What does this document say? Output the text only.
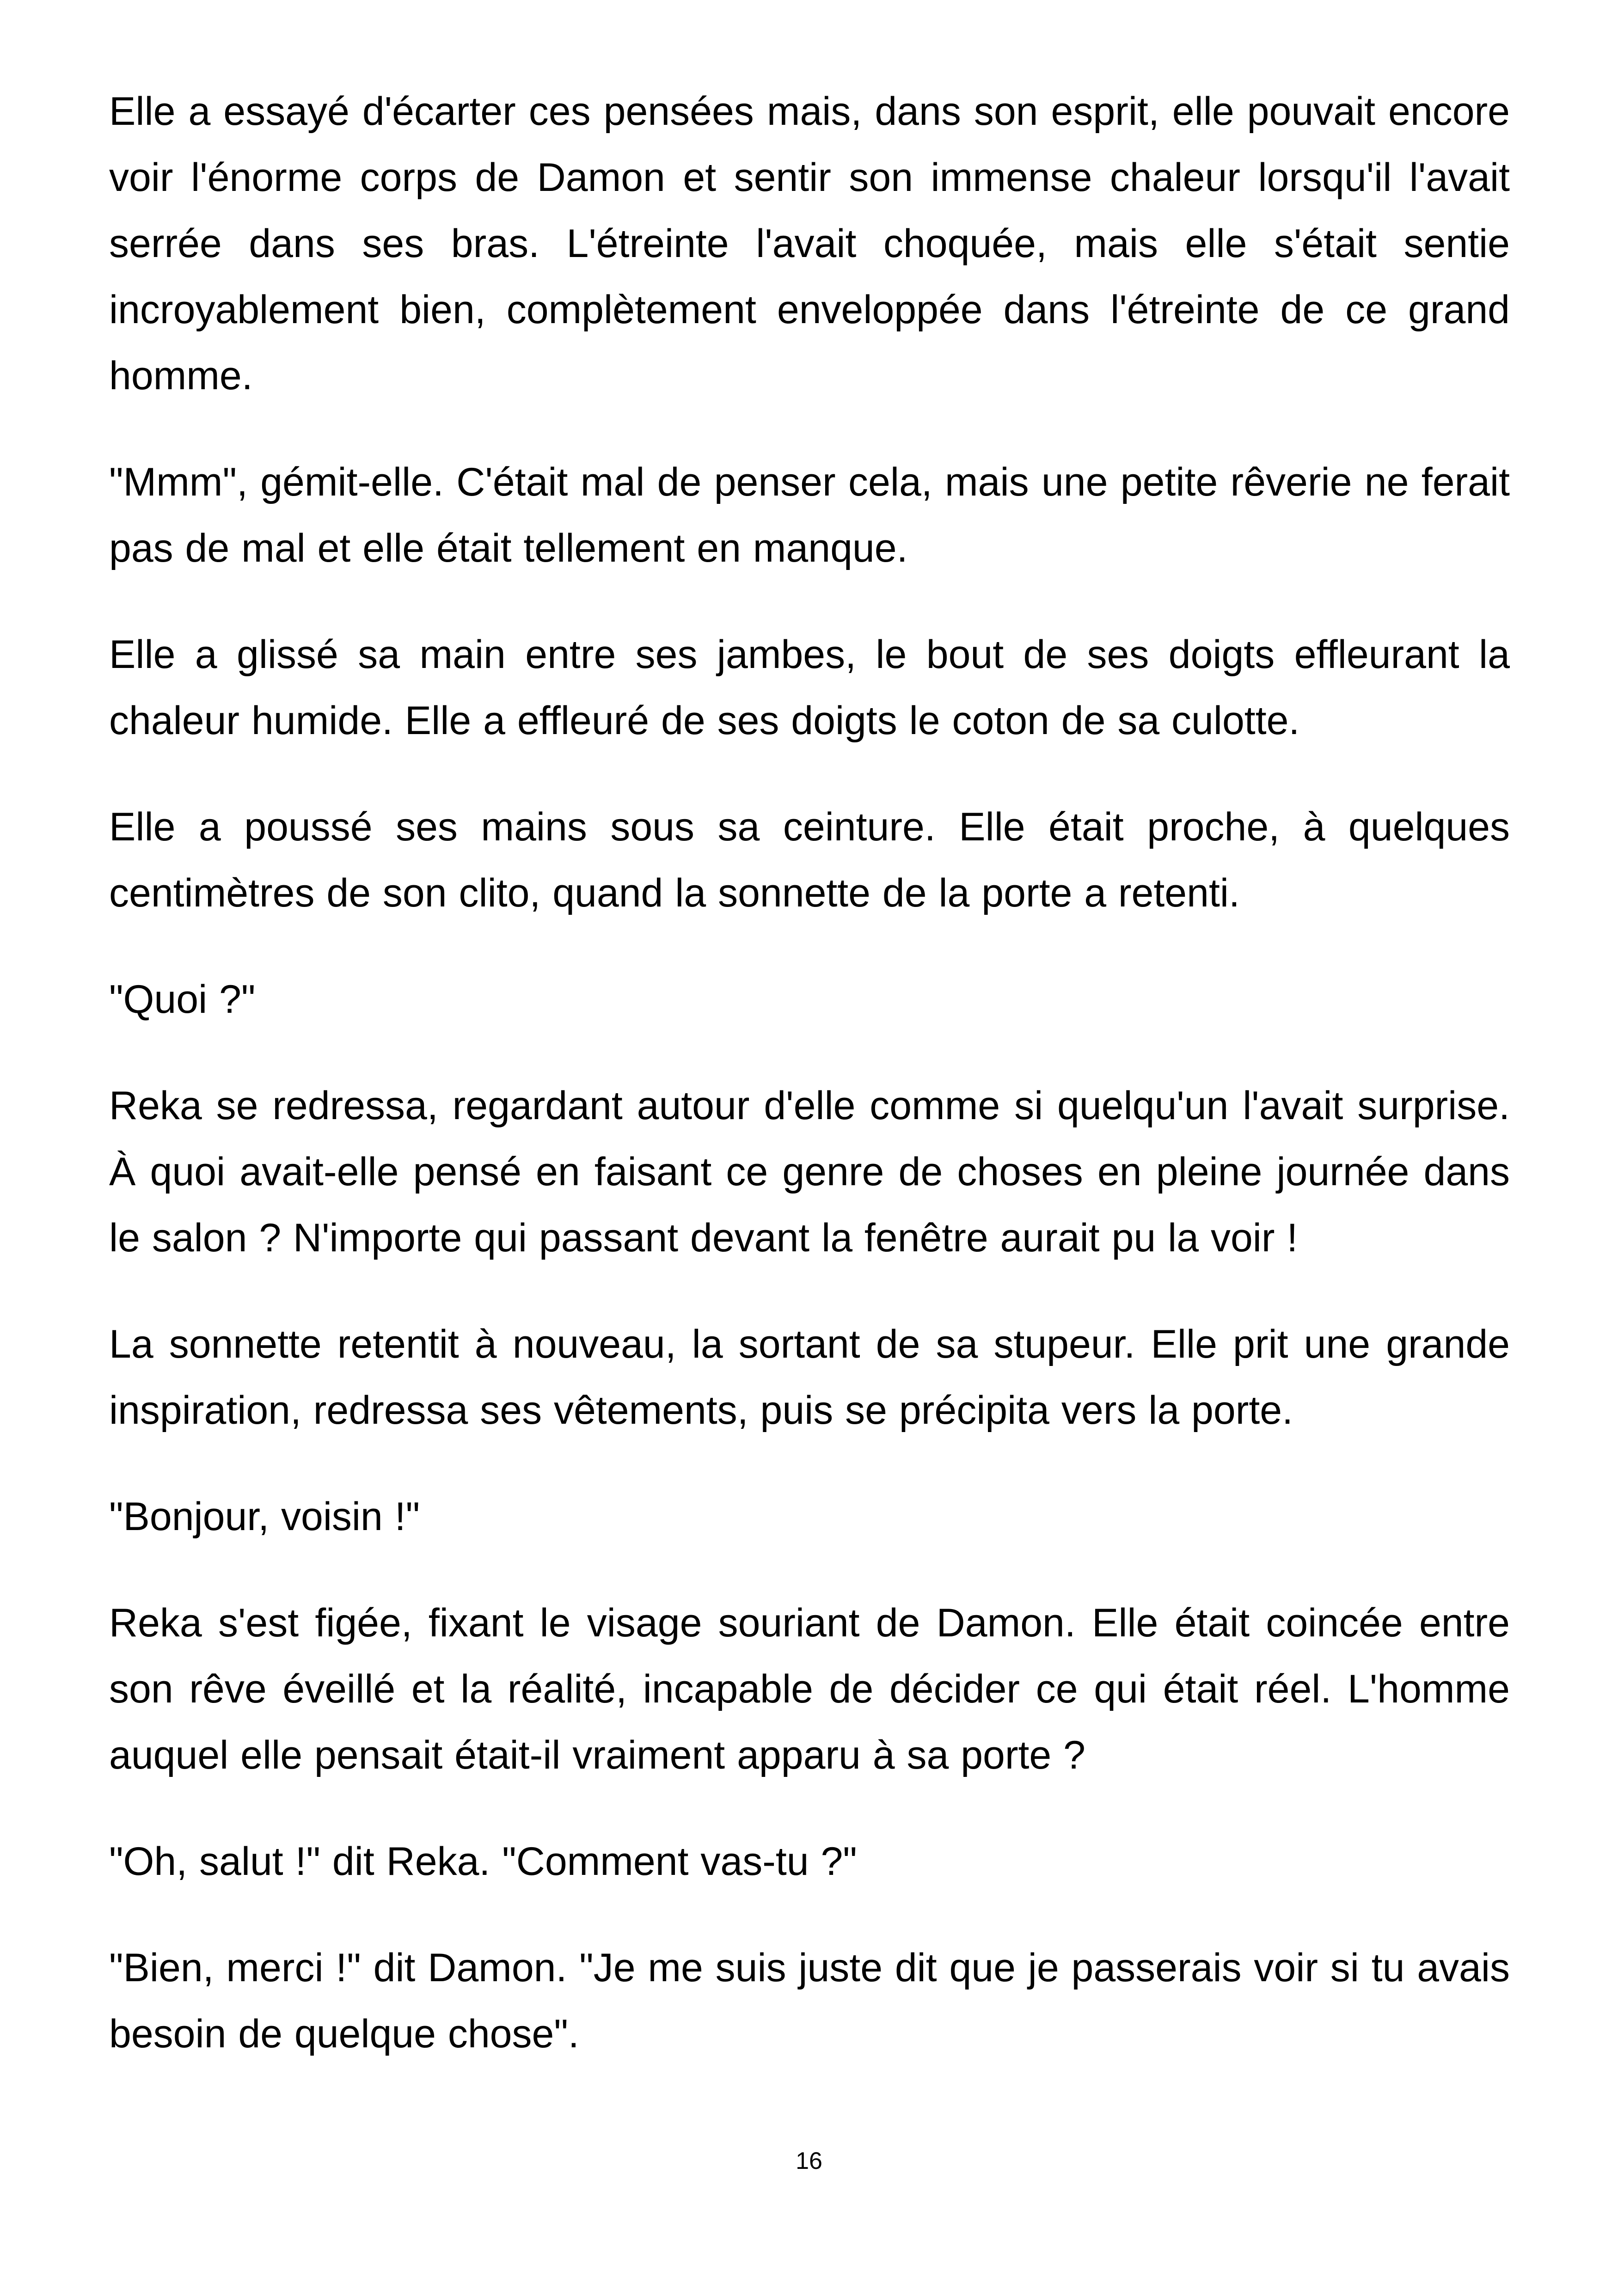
Elle a essayé d'écarter ces pensées mais, dans son esprit, elle pouvait encore voir l'énorme corps de Damon et sentir son immense chaleur lorsqu'il l'avait serrée dans ses bras. L'étreinte l'avait choquée, mais elle s'était sentie incroyablement bien, complètement enveloppée dans l'étreinte de ce grand homme.

"Mmm", gémit-elle. C'était mal de penser cela, mais une petite rêverie ne ferait pas de mal et elle était tellement en manque.

Elle a glissé sa main entre ses jambes, le bout de ses doigts effleurant la chaleur humide. Elle a effleuré de ses doigts le coton de sa culotte.

Elle a poussé ses mains sous sa ceinture. Elle était proche, à quelques centimètres de son clito, quand la sonnette de la porte a retenti.

"Quoi ?"

Reka se redressa, regardant autour d'elle comme si quelqu'un l'avait surprise. À quoi avait-elle pensé en faisant ce genre de choses en pleine journée dans le salon ? N'importe qui passant devant la fenêtre aurait pu la voir !

La sonnette retentit à nouveau, la sortant de sa stupeur. Elle prit une grande inspiration, redressa ses vêtements, puis se précipita vers la porte.

"Bonjour, voisin !"

Reka s'est figée, fixant le visage souriant de Damon. Elle était coincée entre son rêve éveillé et la réalité, incapable de décider ce qui était réel. L'homme auquel elle pensait était-il vraiment apparu à sa porte ?

"Oh, salut !" dit Reka. "Comment vas-tu ?"

"Bien, merci !" dit Damon. "Je me suis juste dit que je passerais voir si tu avais besoin de quelque chose".

16
